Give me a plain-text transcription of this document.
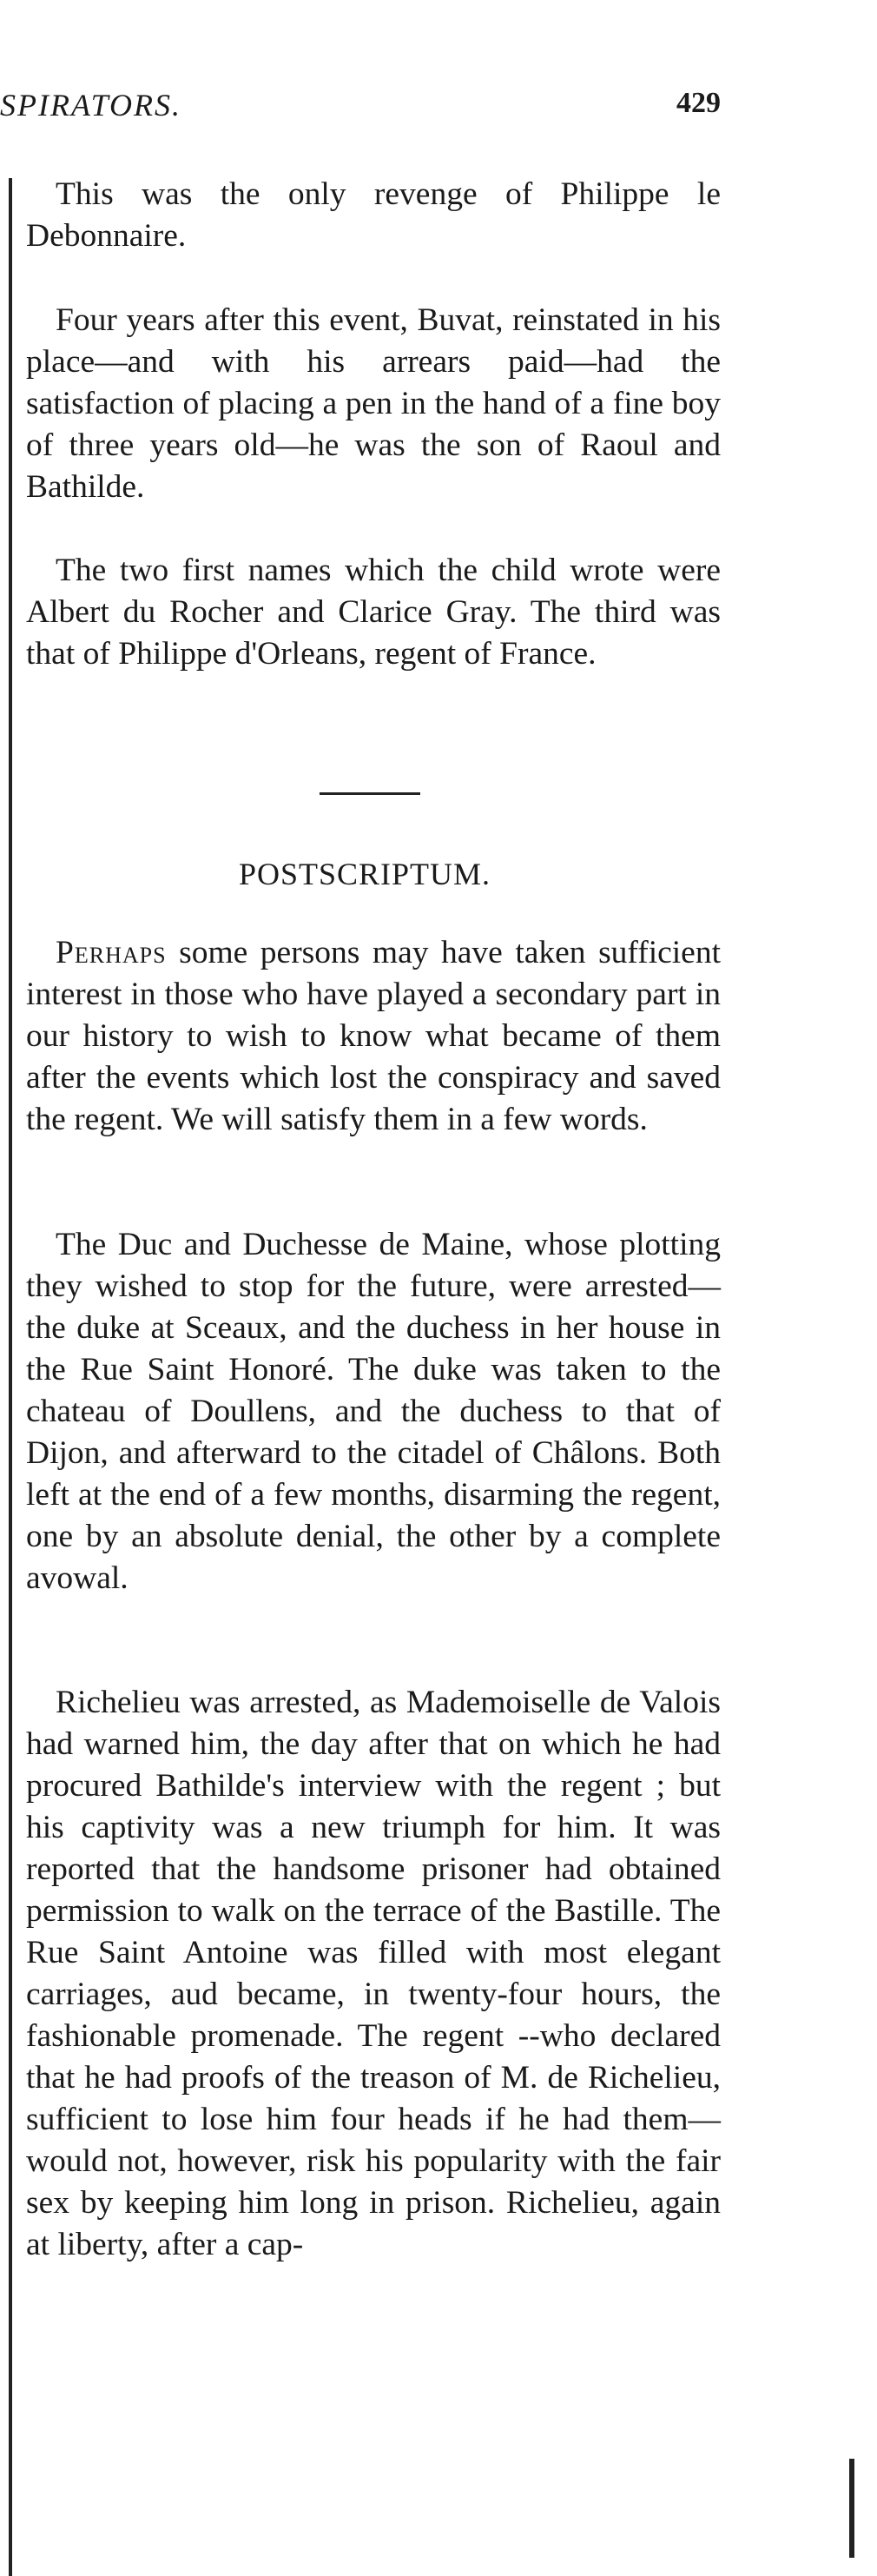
SPIRATORS.	429

This was the only revenge of Philippe le Debonnaire.

Four years after this event, Buvat, reinstated in his place—and with his arrears paid—had the satisfaction of placing a pen in the hand of a fine boy of three years old—he was the son of Raoul and Bathilde.

The two first names which the child wrote were Albert du Rocher and Clarice Gray. The third was that of Philippe d'Orleans, regent of France.

POSTSCRIPTUM.

Perhaps some persons may have taken sufficient interest in those who have played a secondary part in our history to wish to know what became of them after the events which lost the conspiracy and saved the regent. We will satisfy them in a few words.

The Duc and Duchesse de Maine, whose plotting they wished to stop for the future, were arrested—the duke at Sceaux, and the duchess in her house in the Rue Saint Honoré. The duke was taken to the chateau of Doullens, and the duchess to that of Dijon, and afterward to the citadel of Châlons. Both left at the end of a few months, disarming the regent, one by an absolute denial, the other by a complete avowal.

Richelieu was arrested, as Mademoiselle de Valois had warned him, the day after that on which he had procured Bathilde's interview with the regent ; but his captivity was a new triumph for him. It was reported that the handsome prisoner had obtained permission to walk on the terrace of the Bastille. The Rue Saint Antoine was filled with most elegant carriages, aud became, in twenty-four hours, the fashionable promenade. The regent --who declared that he had proofs of the treason of M. de Richelieu, sufficient to lose him four heads if he had them—would not, however, risk his popularity with the fair sex by keeping him long in prison. Richelieu, again at liberty, after a cap-
